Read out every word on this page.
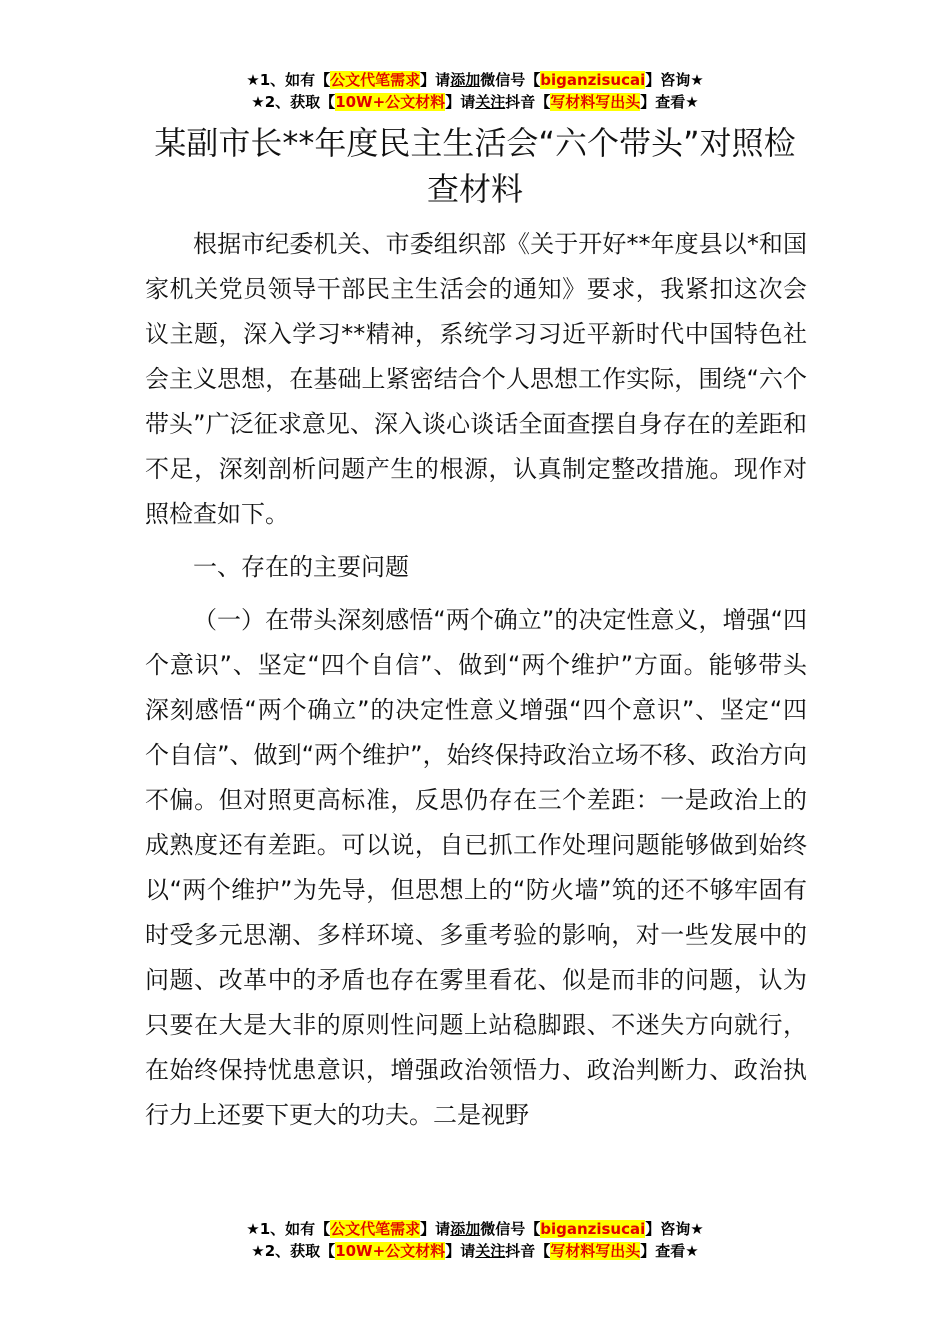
★1、如有【公文代笔需求】请添加微信号【biganzisucai】咨询★
★2、获取【10W+公文材料】请关注抖音【写材料写出头】查看★
某副市长**年度民主生活会“六个带头”对照检查材料

根据市纪委机关、市委组织部《关于开好**年度县以*和国家机关党员领导干部民主生活会的通知》要求，我紧扣这次会议主题，深入学习**精神，系统学习习近平新时代中国特色社会主义思想，在基础上紧密结合个人思想工作实际，围绕“六个带头”广泛征求意见、深入谈心谈话全面查摆自身存在的差距和不足，深刻剖析问题产生的根源，认真制定整改措施。现作对照检查如下。

一、存在的主要问题

（一）在带头深刻感悟“两个确立”的决定性意义，增强“四个意识”、坚定“四个自信”、做到“两个维护”方面。能够带头深刻感悟“两个确立”的决定性意义增强“四个意识”、坚定“四个自信”、做到“两个维护”，始终保持政治立场不移、政治方向不偏。但对照更高标准，反思仍存在三个差距：一是政治上的成熟度还有差距。可以说，自已抓工作处理问题能够做到始终以“两个维护”为先导，但思想上的“防火墙”筑的还不够牢固有时受多元思潮、多样环境、多重考验的影响，对一些发展中的问题、改革中的矛盾也存在雾里看花、似是而非的问题，认为只要在大是大非的原则性问题上站稳脚跟、不迷失方向就行，在始终保持忧患意识，增强政治领悟力、政治判断力、政治执行力上还要下更大的功夫。二是视野

★1、如有【公文代笔需求】请添加微信号【biganzisucai】咨询★
★2、获取【10W+公文材料】请关注抖音【写材料写出头】查看★
